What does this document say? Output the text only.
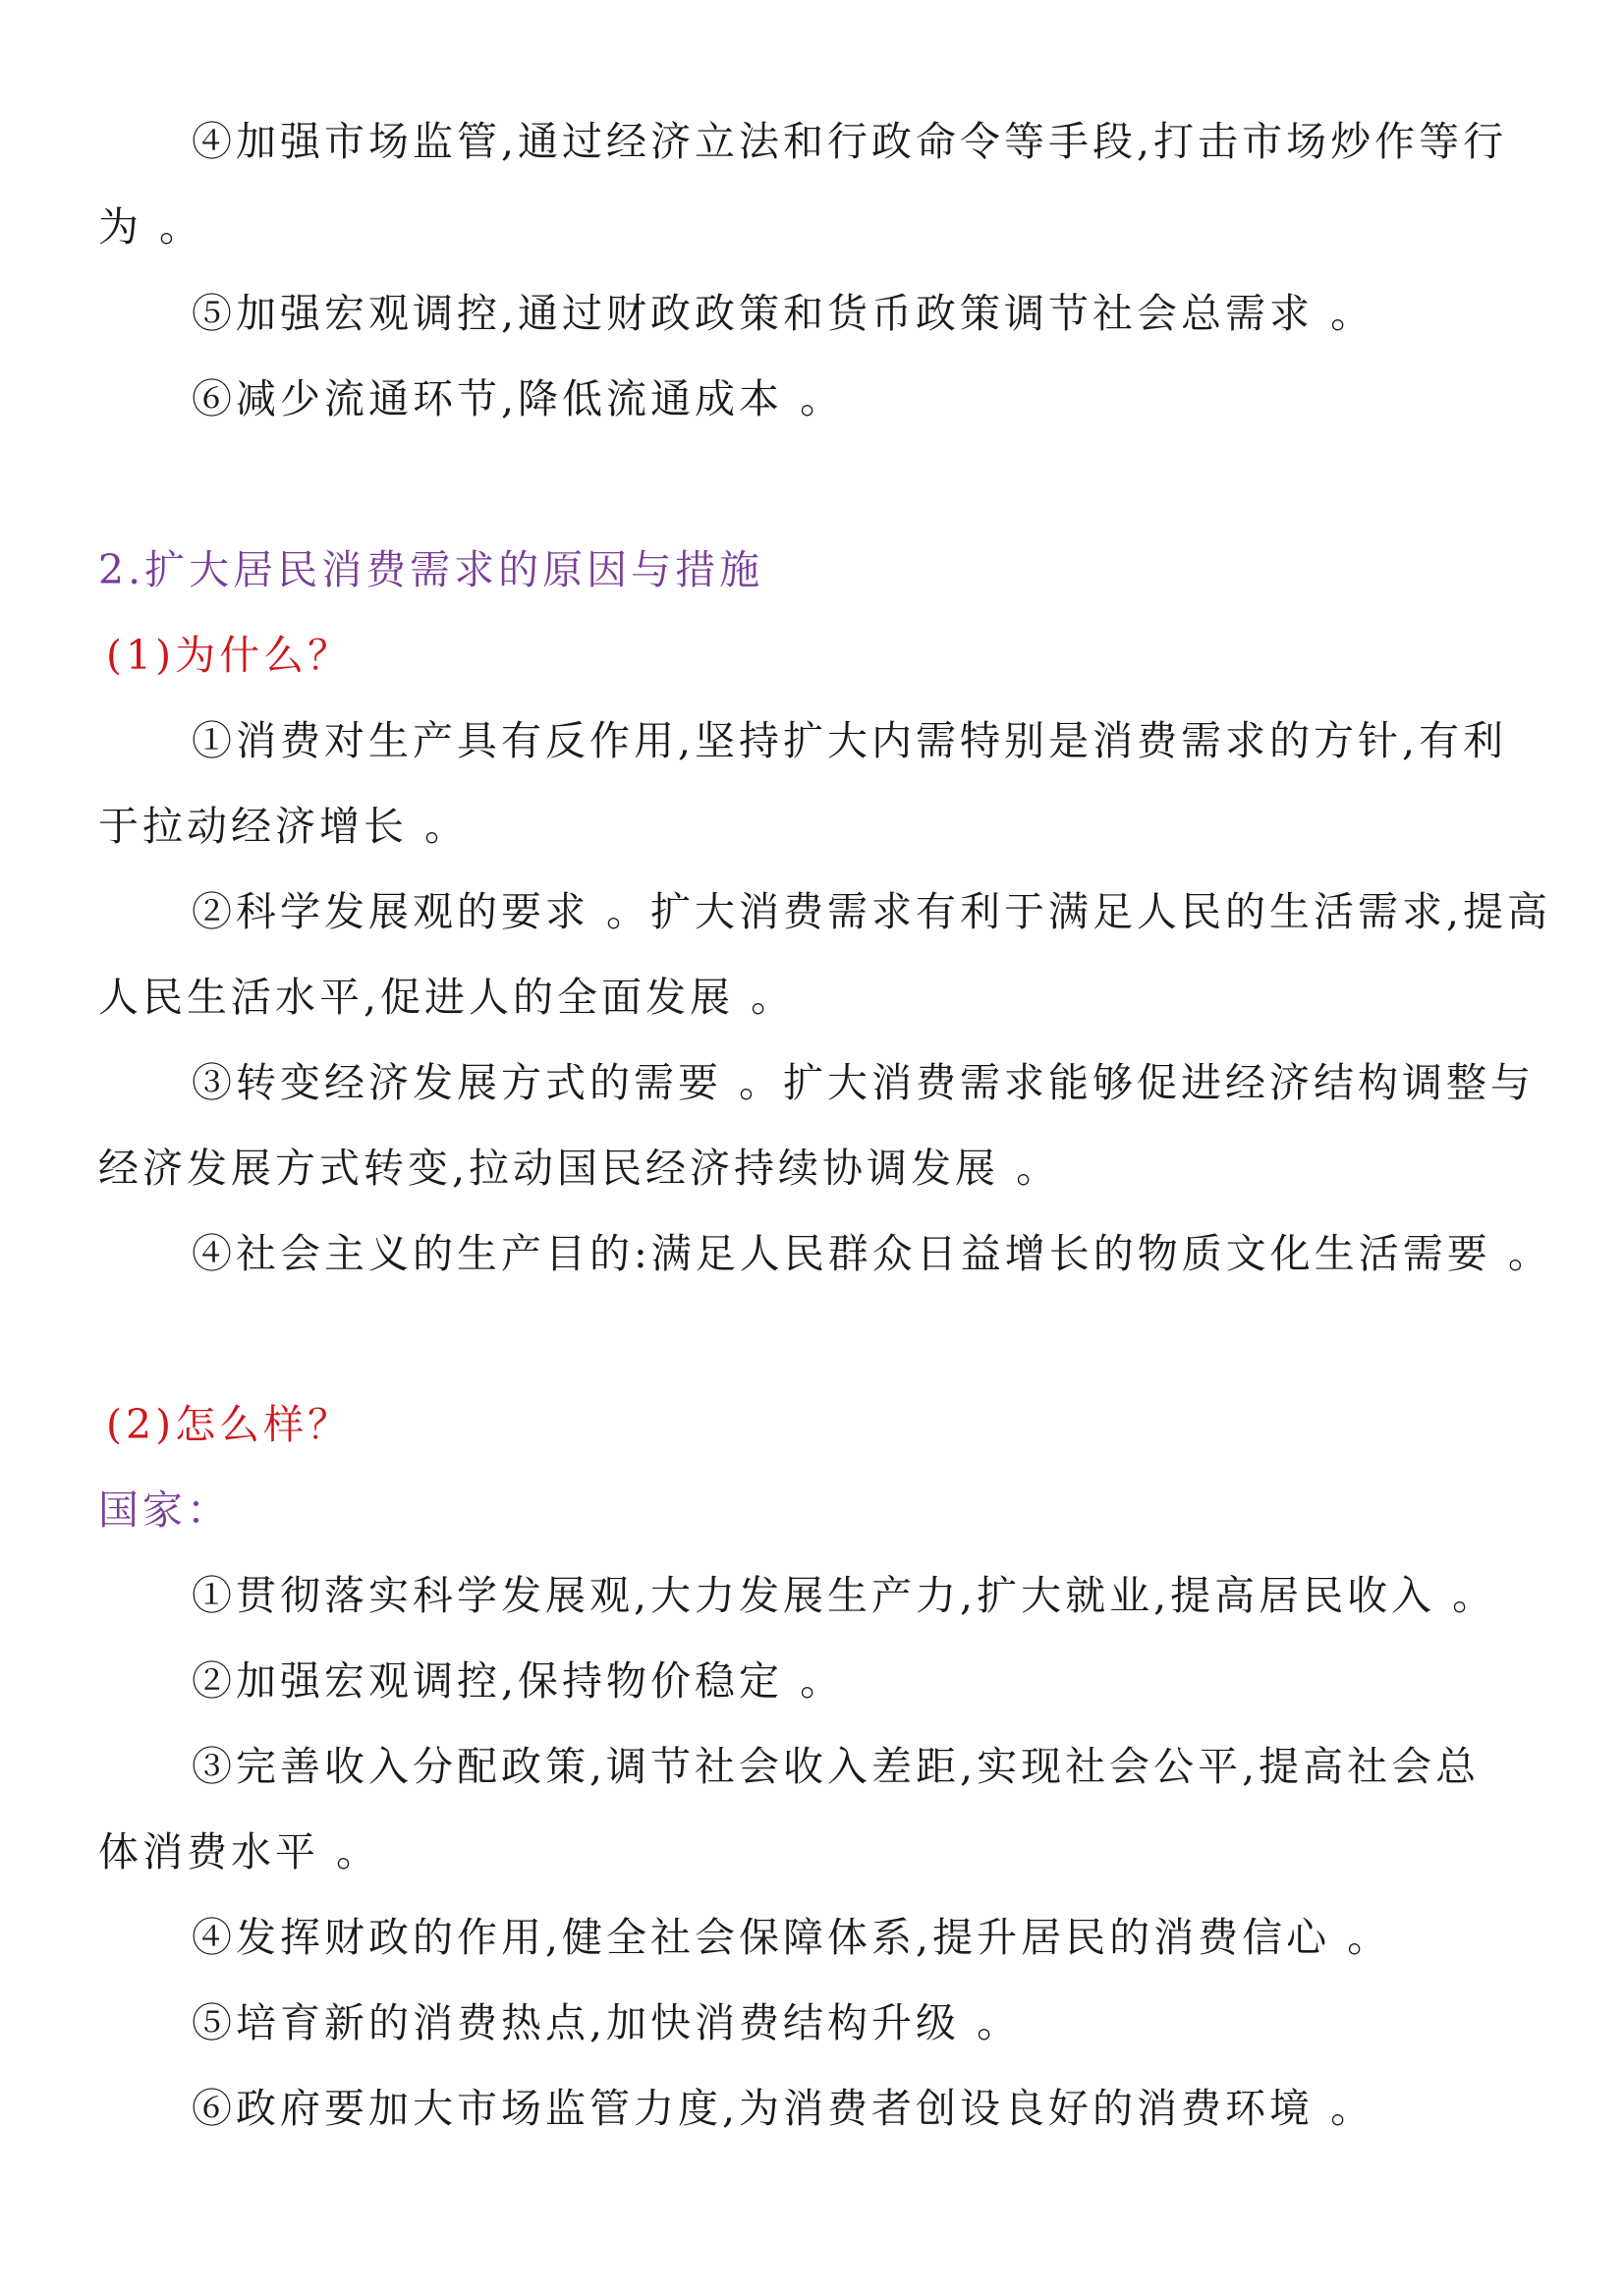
④加强市场监管,通过经济立法和行政命令等手段,打击市场炒作等行
为 。
⑤加强宏观调控,通过财政政策和货币政策调节社会总需求 。
⑥减少流通环节,降低流通成本 。
2.扩大居民消费需求的原因与措施
(1)为什么？
①消费对生产具有反作用,坚持扩大内需特别是消费需求的方针,有利
于拉动经济增长 。
②科学发展观的要求 。扩大消费需求有利于满足人民的生活需求,提高
人民生活水平,促进人的全面发展 。
③转变经济发展方式的需要 。扩大消费需求能够促进经济结构调整与
经济发展方式转变,拉动国民经济持续协调发展 。
④社会主义的生产目的:满足人民群众日益增长的物质文化生活需要 。
(2)怎么样？
国家：
①贯彻落实科学发展观,大力发展生产力,扩大就业,提高居民收入 。
②加强宏观调控,保持物价稳定 。
③完善收入分配政策,调节社会收入差距,实现社会公平,提高社会总
体消费水平 。
④发挥财政的作用,健全社会保障体系,提升居民的消费信心 。
⑤培育新的消费热点,加快消费结构升级 。
⑥政府要加大市场监管力度,为消费者创设良好的消费环境 。
